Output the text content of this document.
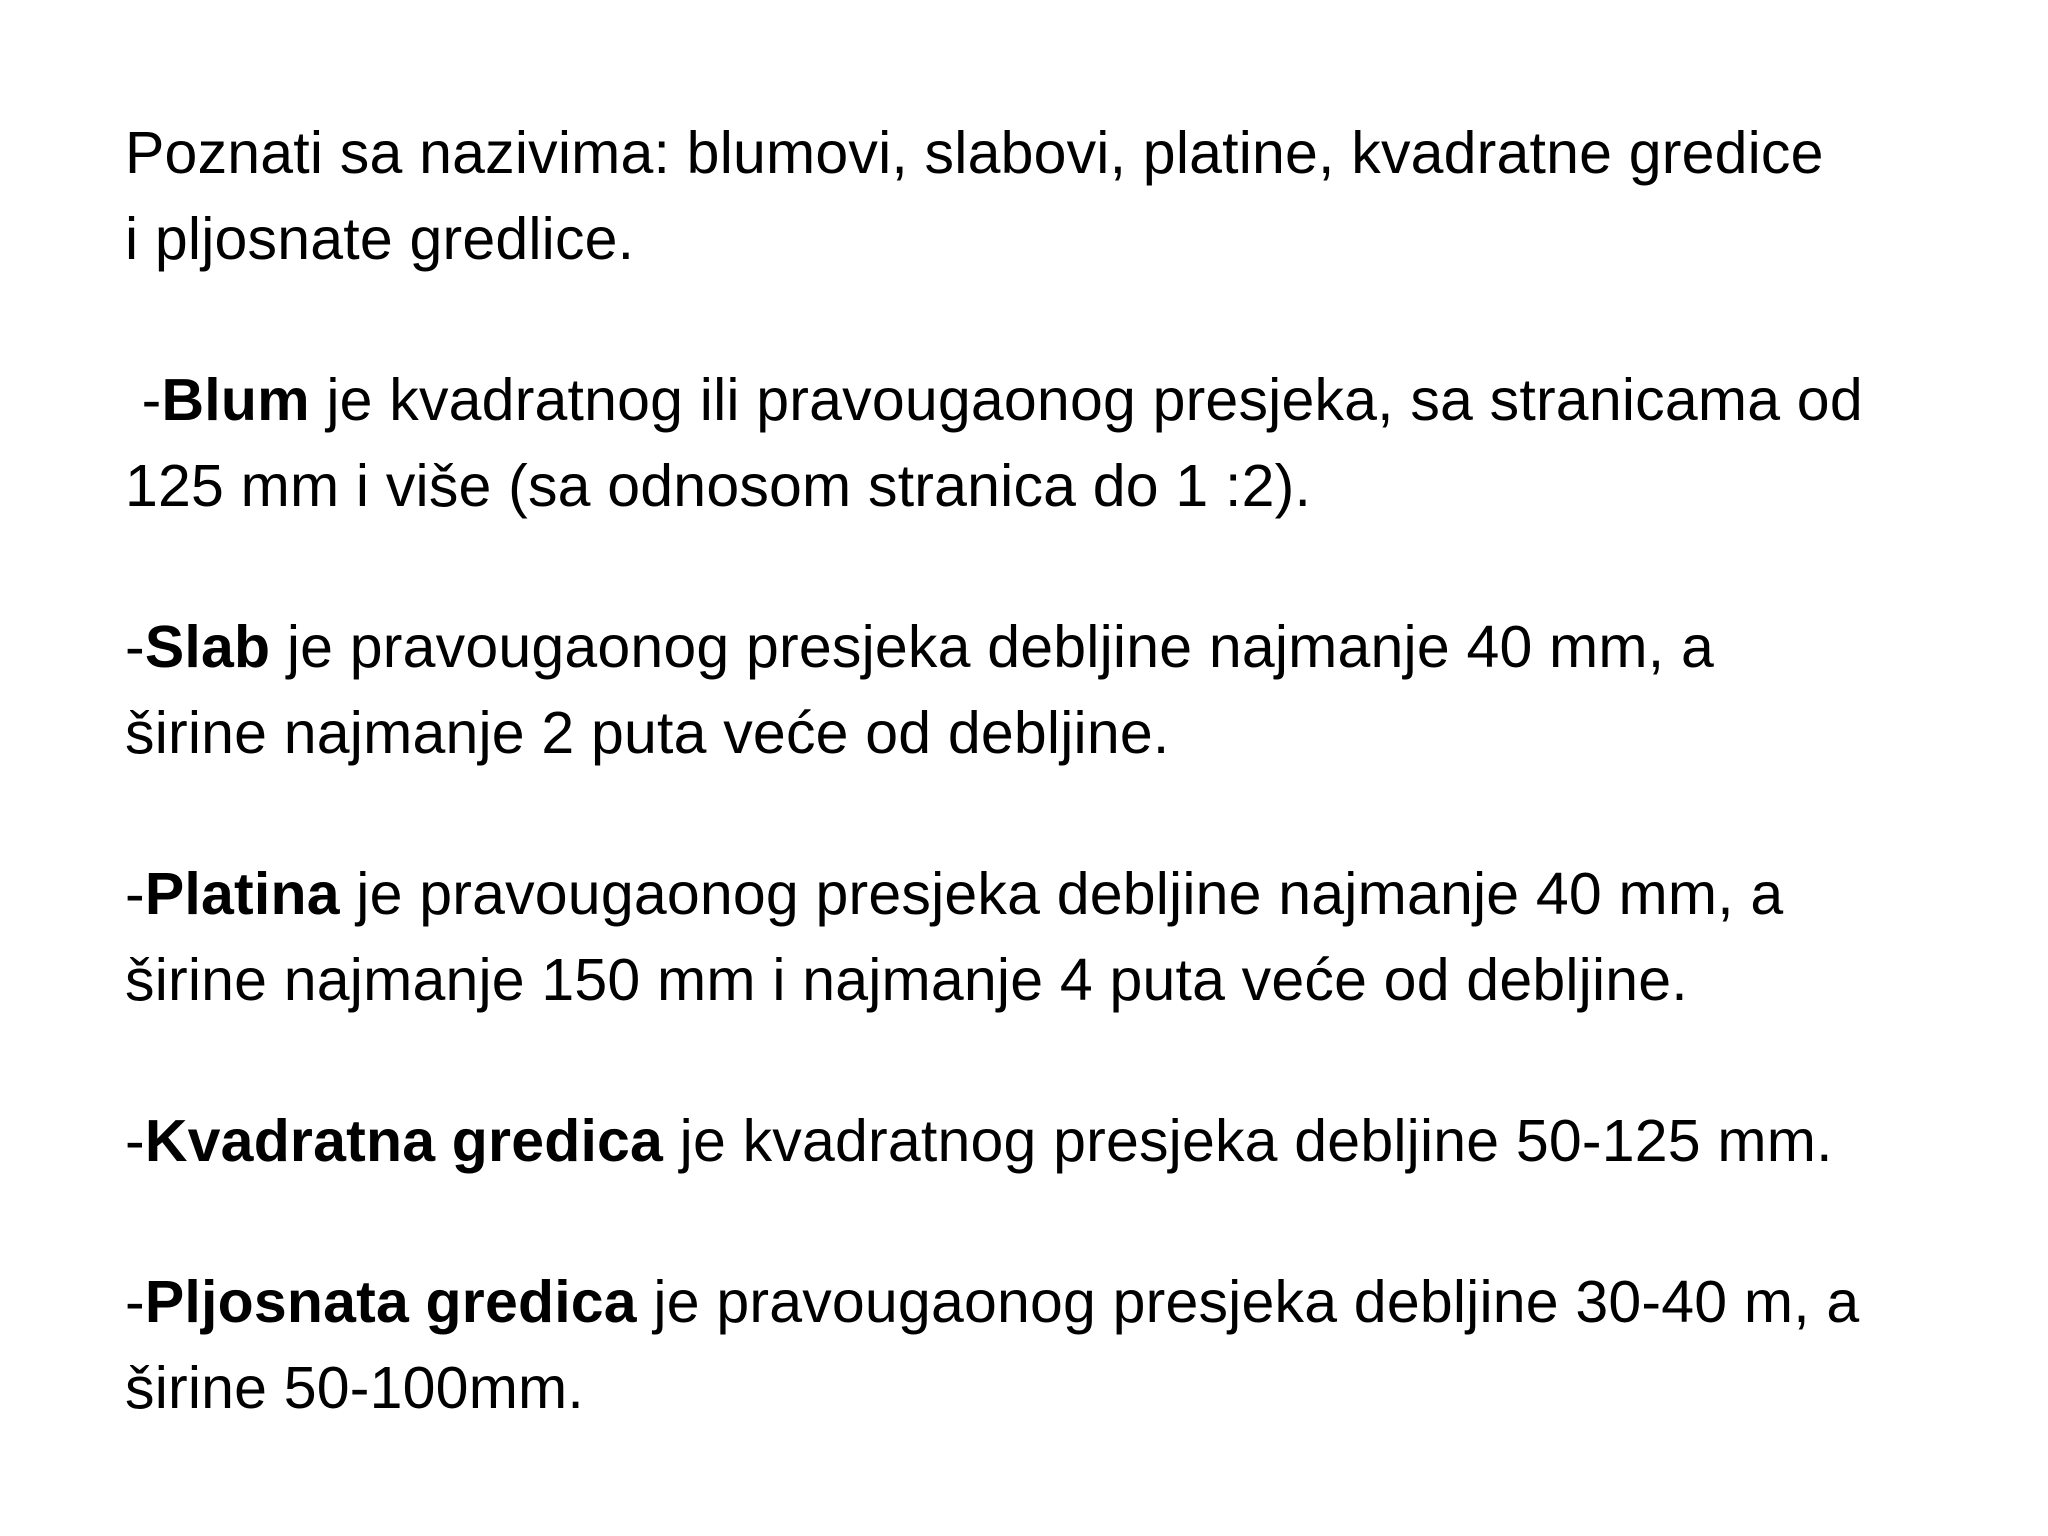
Poznati sa nazivima: blumovi, slabovi, platine, kvadratne gredice
i pljosnate gredlice.
-Blum je kvadratnog ili pravougaonog presjeka, sa stranicama od
125 mm i više (sa odnosom stranica do 1 :2).
-Slab je pravougaonog presjeka debljine najmanje 40 mm, a
širine najmanje 2 puta veće od debljine.
-Platina je pravougaonog presjeka debljine najmanje 40 mm, a
širine najmanje 150 mm i najmanje 4 puta veće od debljine.
-Kvadratna gredica je kvadratnog presjeka debljine 50-125 mm.
-Pljosnata gredica je pravougaonog presjeka debljine 30-40 m, a
širine 50-100mm.
